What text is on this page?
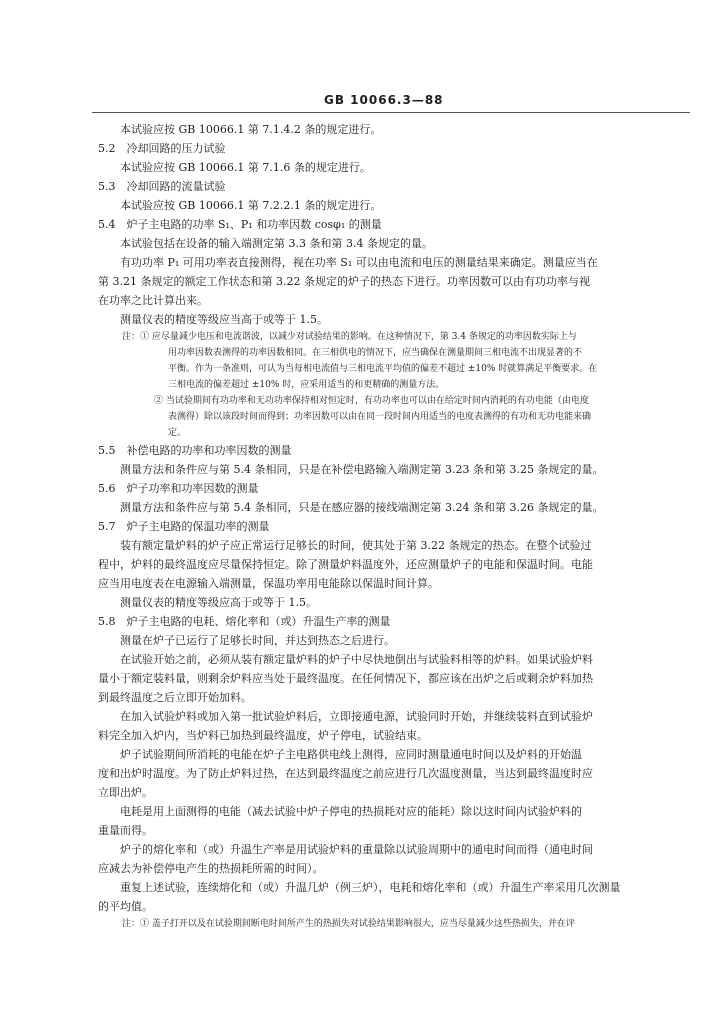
GB 10066.3—88
本试验应按 GB 10066.1 第 7.1.4.2 条的规定进行。
5.2　冷却回路的压力试验
本试验应按 GB 10066.1 第 7.1.6 条的规定进行。
5.3　冷却回路的流量试验
本试验应按 GB 10066.1 第 7.2.2.1 条的规定进行。
5.4　炉子主电路的功率 S₁、P₁ 和功率因数 cosφ₁ 的测量
本试验包括在设备的输入端测定第 3.3 条和第 3.4 条规定的量。
有功功率 P₁ 可用功率表直接测得，视在功率 S₁ 可以由电流和电压的测量结果来确定。测量应当在
第 3.21 条规定的额定工作状态和第 3.22 条规定的炉子的热态下进行。功率因数可以由有功功率与视
在功率之比计算出来。
测量仪表的精度等级应当高于或等于 1.5。
注：① 应尽量减少电压和电流谐波，以减少对试验结果的影响。在这种情况下，第 3.4 条规定的功率因数实际上与
用功率因数表测得的功率因数相同。在三相供电的情况下，应当确保在测量期间三相电流不出现显著的不
平衡。作为一条准则，可认为当每相电流值与三相电流平均值的偏差不超过 ±10% 时就算满足平衡要求。在
三相电流的偏差超过 ±10% 时，应采用适当的和更精确的测量方法。
② 当试验期间有功功率和无功功率保持相对恒定时，有功功率也可以由在给定时间内消耗的有功电能（由电度
表测得）除以该段时间而得到；功率因数可以由在同一段时间内用适当的电度表测得的有功和无功电能来确
定。
5.5　补偿电路的功率和功率因数的测量
测量方法和条件应与第 5.4 条相同，只是在补偿电路输入端测定第 3.23 条和第 3.25 条规定的量。
5.6　炉子功率和功率因数的测量
测量方法和条件应与第 5.4 条相同，只是在感应器的接线端测定第 3.24 条和第 3.26 条规定的量。
5.7　炉子主电路的保温功率的测量
装有额定量炉料的炉子应正常运行足够长的时间，使其处于第 3.22 条规定的热态。在整个试验过
程中，炉料的最终温度应尽量保持恒定。除了测量炉料温度外，还应测量炉子的电能和保温时间。电能
应当用电度表在电源输入端测量，保温功率用电能除以保温时间计算。
测量仪表的精度等级应高于或等于 1.5。
5.8　炉子主电路的电耗、熔化率和（或）升温生产率的测量
测量在炉子已运行了足够长时间，并达到热态之后进行。
在试验开始之前，必须从装有额定量炉料的炉子中尽快地倒出与试验料相等的炉料。如果试验炉料
量小于额定装料量，则剩余炉料应当处于最终温度。在任何情况下，都应该在出炉之后或剩余炉料加热
到最终温度之后立即开始加料。
在加入试验炉料或加入第一批试验炉料后，立即接通电源，试验同时开始，并继续装料直到试验炉
料完全加入炉内，当炉料已加热到最终温度，炉子停电，试验结束。
炉子试验期间所消耗的电能在炉子主电路供电线上测得，应同时测量通电时间以及炉料的开始温
度和出炉时温度。为了防止炉料过热，在达到最终温度之前应进行几次温度测量，当达到最终温度时应
立即出炉。
电耗是用上面测得的电能（减去试验中炉子停电的热损耗对应的能耗）除以这时间内试验炉料的
重量而得。
炉子的熔化率和（或）升温生产率是用试验炉料的重量除以试验周期中的通电时间而得（通电时间
应减去为补偿停电产生的热损耗所需的时间）。
重复上述试验，连续熔化和（或）升温几炉（例三炉），电耗和熔化率和（或）升温生产率采用几次测量
的平均值。
注：① 盖子打开以及在试验期间断电时间所产生的热损失对试验结果影响很大，应当尽量减少这些热损失，并在评
